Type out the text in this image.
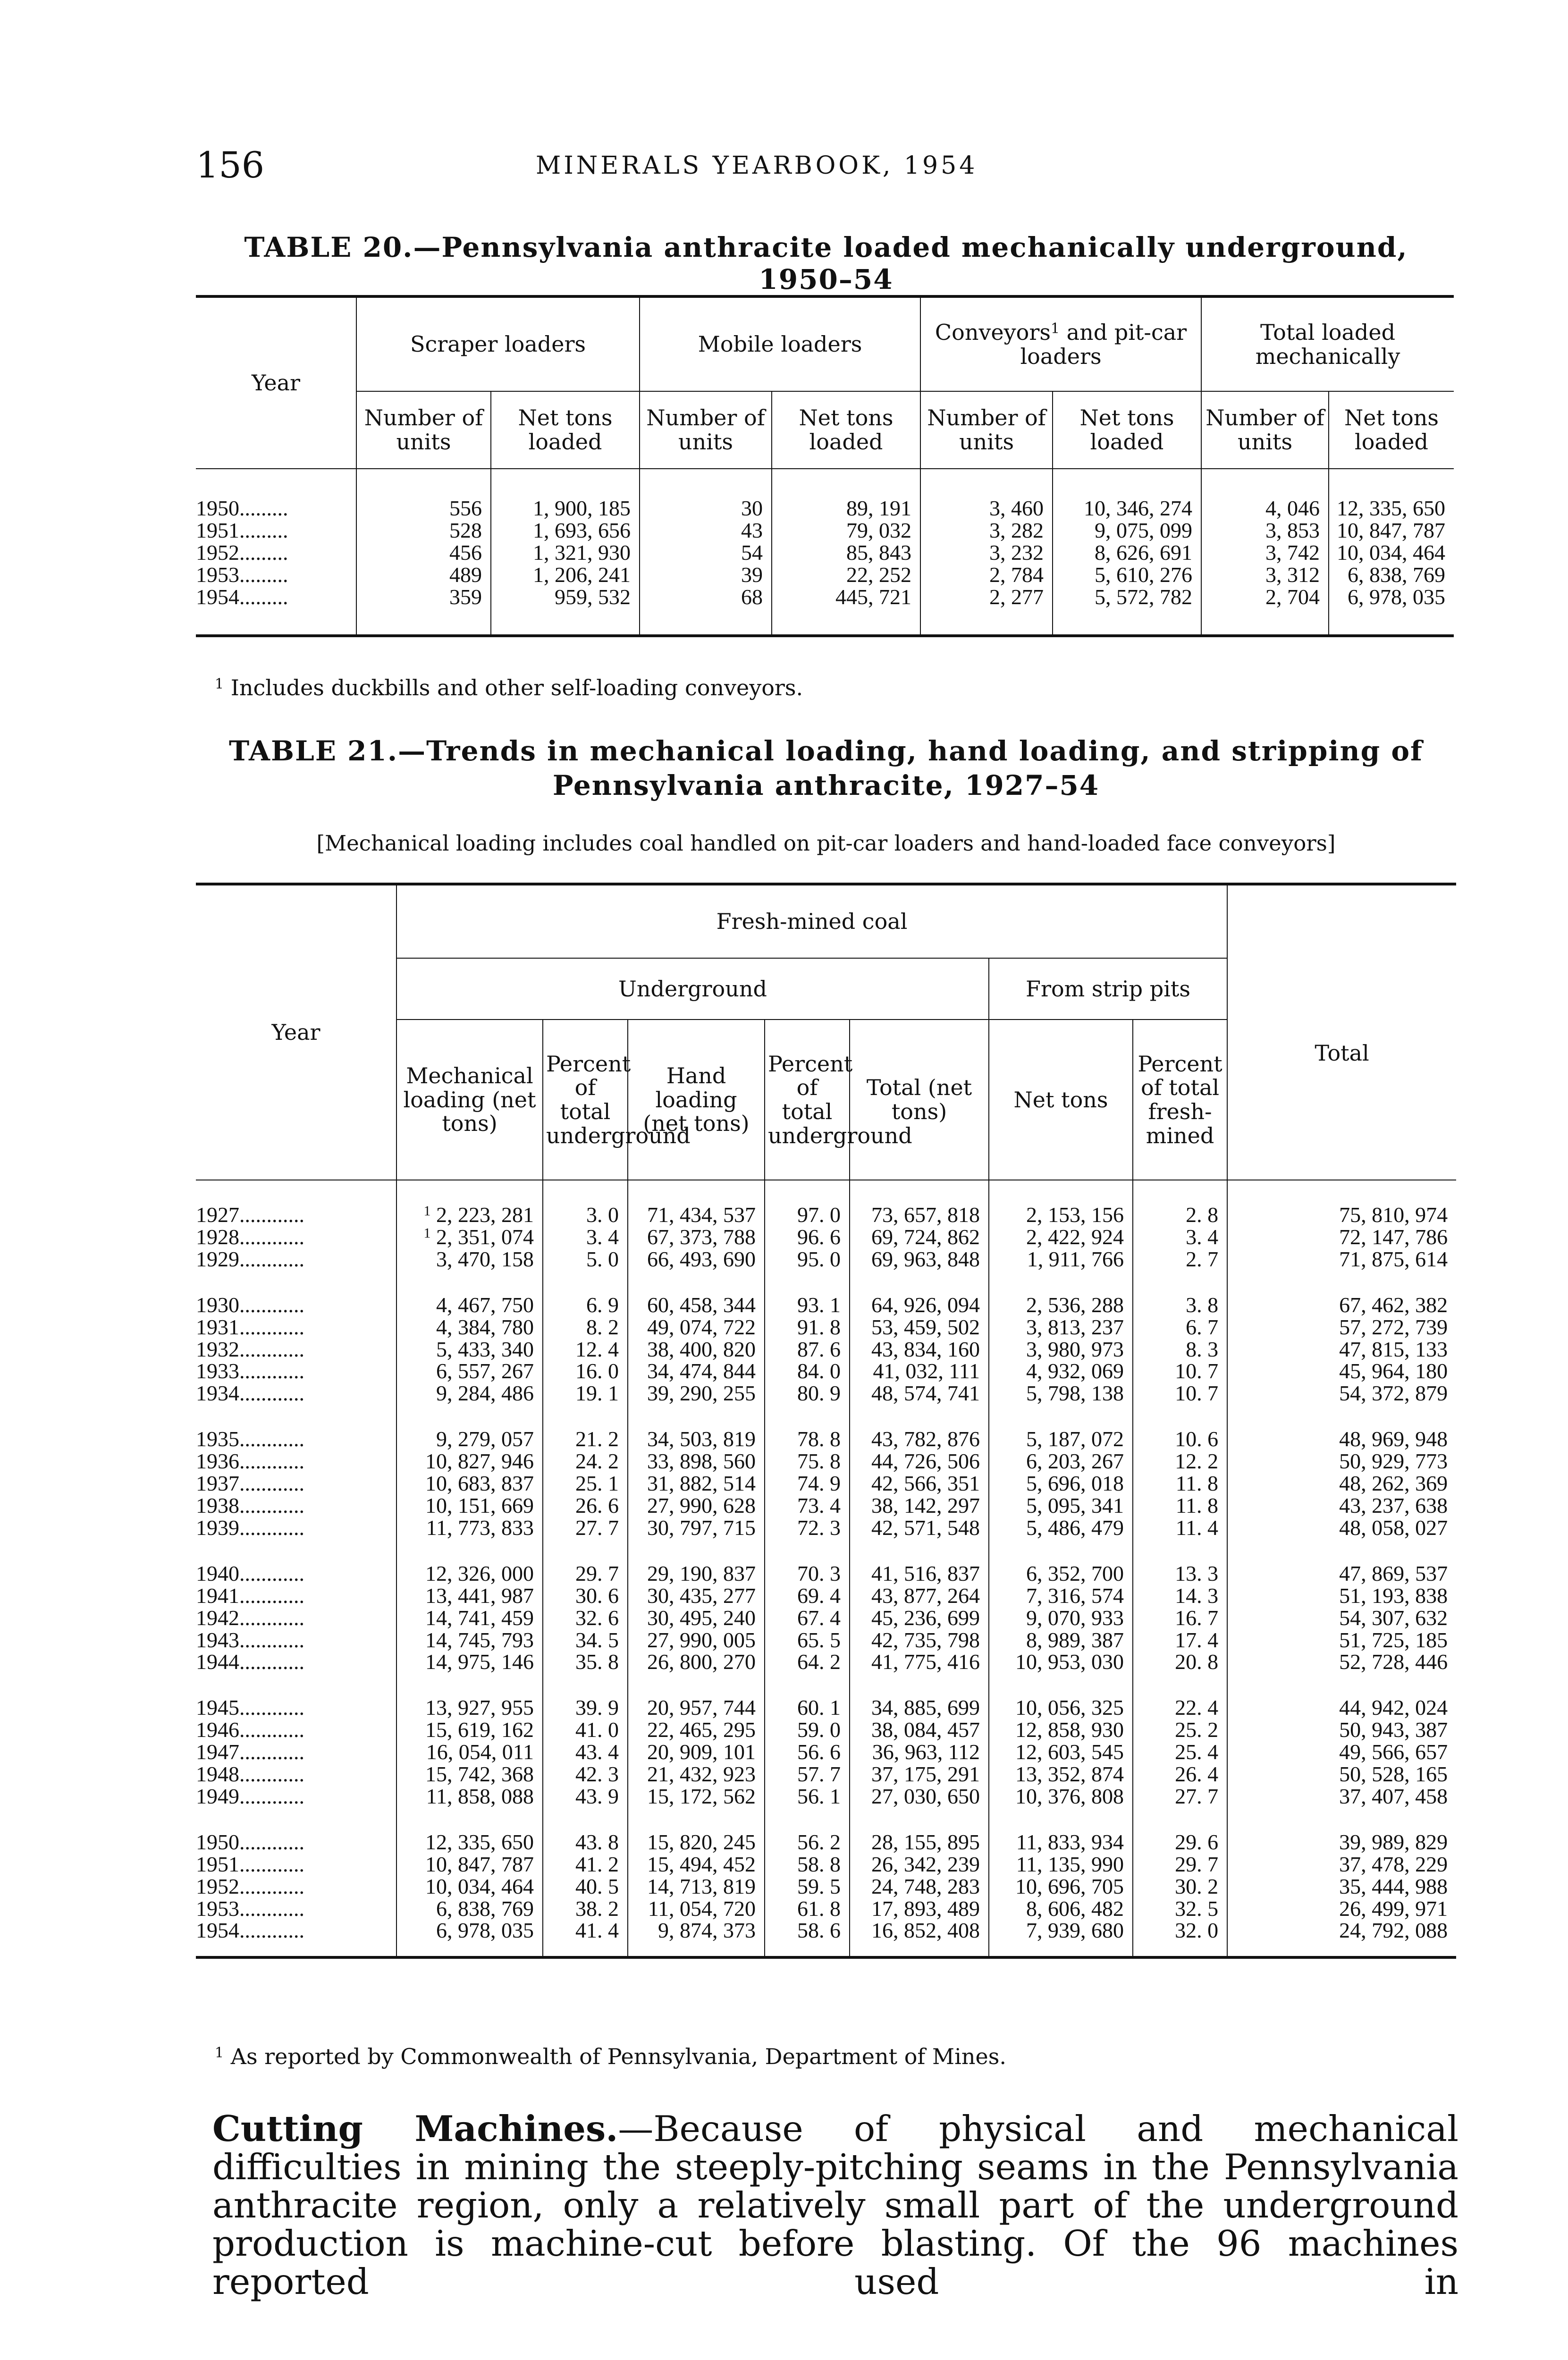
156	MINERALS YEARBOOK, 1954
TABLE 20.—Pennsylvania anthracite loaded mechanically underground, 1950–54
Year	Scraper loaders		Mobile loaders		Conveyors$^1$ and pit-car loaders		Total loaded mechanically	
	Number of units	Net tons loaded	Number of units	Net tons loaded	Number of units	Net tons loaded	Number of units	Net tons loaded
1950.........	556	1, 900, 185	30	89, 191	3, 460	10, 346, 274	4, 046	12, 335, 650
1951.........	528	1, 693, 656	43	79, 032	3, 282	9, 075, 099	3, 853	10, 847, 787
1952.........	456	1, 321, 930	54	85, 843	3, 232	8, 626, 691	3, 742	10, 034, 464
1953.........	489	1, 206, 241	39	22, 252	2, 784	5, 610, 276	3, 312	6, 838, 769
1954.........	359	959, 532	68	445, 721	2, 277	5, 572, 782	2, 704	6, 978, 035
$^1$ Includes duckbills and other self-loading conveyors.
TABLE 21.—Trends in mechanical loading, hand loading, and stripping of
Pennsylvania anthracite, 1927–54
[Mechanical loading includes coal handled on pit-car loaders and hand-loaded face conveyors]
Year	Fresh-mined coal							Total
	Underground					From strip pits		
	Mechanical loading (net tons)	Percent of total underground	Hand loading (net tons)	Percent of total underground	Total (net tons)	Net tons	Percent of total fresh-mined	
1927............	$^1$ 2, 223, 281	3. 0	71, 434, 537	97. 0	73, 657, 818	2, 153, 156	2. 8	75, 810, 974
1928............	$^1$ 2, 351, 074	3. 4	67, 373, 788	96. 6	69, 724, 862	2, 422, 924	3. 4	72, 147, 786
1929............	3, 470, 158	5. 0	66, 493, 690	95. 0	69, 963, 848	1, 911, 766	2. 7	71, 875, 614
1930............	4, 467, 750	6. 9	60, 458, 344	93. 1	64, 926, 094	2, 536, 288	3. 8	67, 462, 382
1931............	4, 384, 780	8. 2	49, 074, 722	91. 8	53, 459, 502	3, 813, 237	6. 7	57, 272, 739
1932............	5, 433, 340	12. 4	38, 400, 820	87. 6	43, 834, 160	3, 980, 973	8. 3	47, 815, 133
1933............	6, 557, 267	16. 0	34, 474, 844	84. 0	41, 032, 111	4, 932, 069	10. 7	45, 964, 180
1934............	9, 284, 486	19. 1	39, 290, 255	80. 9	48, 574, 741	5, 798, 138	10. 7	54, 372, 879
1935............	9, 279, 057	21. 2	34, 503, 819	78. 8	43, 782, 876	5, 187, 072	10. 6	48, 969, 948
1936............	10, 827, 946	24. 2	33, 898, 560	75. 8	44, 726, 506	6, 203, 267	12. 2	50, 929, 773
1937............	10, 683, 837	25. 1	31, 882, 514	74. 9	42, 566, 351	5, 696, 018	11. 8	48, 262, 369
1938............	10, 151, 669	26. 6	27, 990, 628	73. 4	38, 142, 297	5, 095, 341	11. 8	43, 237, 638
1939............	11, 773, 833	27. 7	30, 797, 715	72. 3	42, 571, 548	5, 486, 479	11. 4	48, 058, 027
1940............	12, 326, 000	29. 7	29, 190, 837	70. 3	41, 516, 837	6, 352, 700	13. 3	47, 869, 537
1941............	13, 441, 987	30. 6	30, 435, 277	69. 4	43, 877, 264	7, 316, 574	14. 3	51, 193, 838
1942............	14, 741, 459	32. 6	30, 495, 240	67. 4	45, 236, 699	9, 070, 933	16. 7	54, 307, 632
1943............	14, 745, 793	34. 5	27, 990, 005	65. 5	42, 735, 798	8, 989, 387	17. 4	51, 725, 185
1944............	14, 975, 146	35. 8	26, 800, 270	64. 2	41, 775, 416	10, 953, 030	20. 8	52, 728, 446
1945............	13, 927, 955	39. 9	20, 957, 744	60. 1	34, 885, 699	10, 056, 325	22. 4	44, 942, 024
1946............	15, 619, 162	41. 0	22, 465, 295	59. 0	38, 084, 457	12, 858, 930	25. 2	50, 943, 387
1947............	16, 054, 011	43. 4	20, 909, 101	56. 6	36, 963, 112	12, 603, 545	25. 4	49, 566, 657
1948............	15, 742, 368	42. 3	21, 432, 923	57. 7	37, 175, 291	13, 352, 874	26. 4	50, 528, 165
1949............	11, 858, 088	43. 9	15, 172, 562	56. 1	27, 030, 650	10, 376, 808	27. 7	37, 407, 458
1950............	12, 335, 650	43. 8	15, 820, 245	56. 2	28, 155, 895	11, 833, 934	29. 6	39, 989, 829
1951............	10, 847, 787	41. 2	15, 494, 452	58. 8	26, 342, 239	11, 135, 990	29. 7	37, 478, 229
1952............	10, 034, 464	40. 5	14, 713, 819	59. 5	24, 748, 283	10, 696, 705	30. 2	35, 444, 988
1953............	6, 838, 769	38. 2	11, 054, 720	61. 8	17, 893, 489	8, 606, 482	32. 5	26, 499, 971
1954............	6, 978, 035	41. 4	9, 874, 373	58. 6	16, 852, 408	7, 939, 680	32. 0	24, 792, 088
$^1$ As reported by Commonwealth of Pennsylvania, Department of Mines.
Cutting Machines.—Because of physical and mechanical difficulties in mining the steeply-pitching seams in the Pennsylvania anthracite region, only a relatively small part of the underground production is machine-cut before blasting. Of the 96 machines reported used in
